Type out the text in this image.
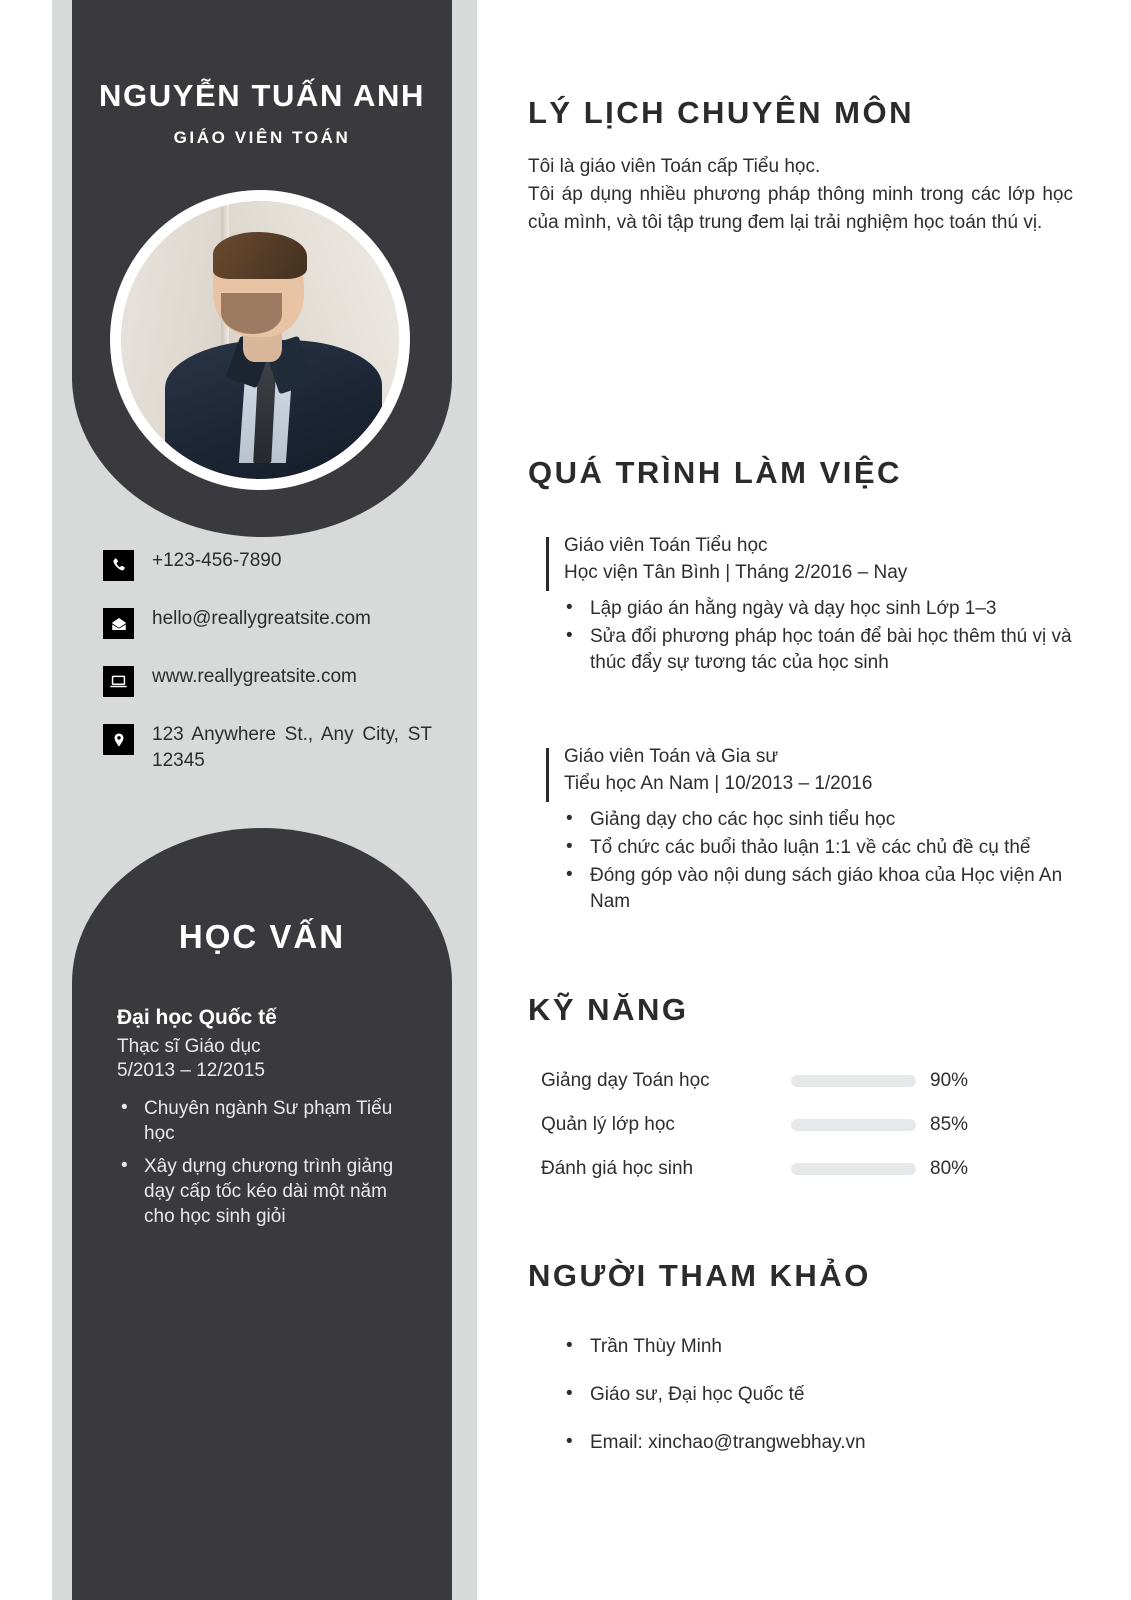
NGUYỄN TUẤN ANH
GIÁO VIÊN TOÁN
+123-456-7890
hello@reallygreatsite.com
www.reallygreatsite.com
123 Anywhere St., Any City, ST 12345
HỌC VẤN
Đại học Quốc tế
Thạc sĩ Giáo dục
5/2013 – 12/2015
• Chuyên ngành Sư phạm Tiểu học
• Xây dựng chương trình giảng dạy cấp tốc kéo dài một năm cho học sinh giỏi
LÝ LỊCH CHUYÊN MÔN
Tôi là giáo viên Toán cấp Tiểu học.
Tôi áp dụng nhiều phương pháp thông minh trong các lớp học của mình, và tôi tập trung đem lại trải nghiệm học toán thú vị.
QUÁ TRÌNH LÀM VIỆC
Giáo viên Toán Tiểu học
Học viện Tân Bình | Tháng 2/2016 – Nay
• Lập giáo án hằng ngày và dạy học sinh Lớp 1–3
• Sửa đổi phương pháp học toán để bài học thêm thú vị và thúc đẩy sự tương tác của học sinh
Giáo viên Toán và Gia sư
Tiểu học An Nam | 10/2013 – 1/2016
• Giảng dạy cho các học sinh tiểu học
• Tổ chức các buổi thảo luận 1:1 về các chủ đề cụ thể
• Đóng góp vào nội dung sách giáo khoa của Học viện An Nam
KỸ NĂNG
Giảng dạy Toán học	90%
Quản lý lớp học	85%
Đánh giá học sinh	80%
NGƯỜI THAM KHẢO
• Trần Thùy Minh
• Giáo sư, Đại học Quốc tế
• Email: xinchao@trangwebhay.vn
